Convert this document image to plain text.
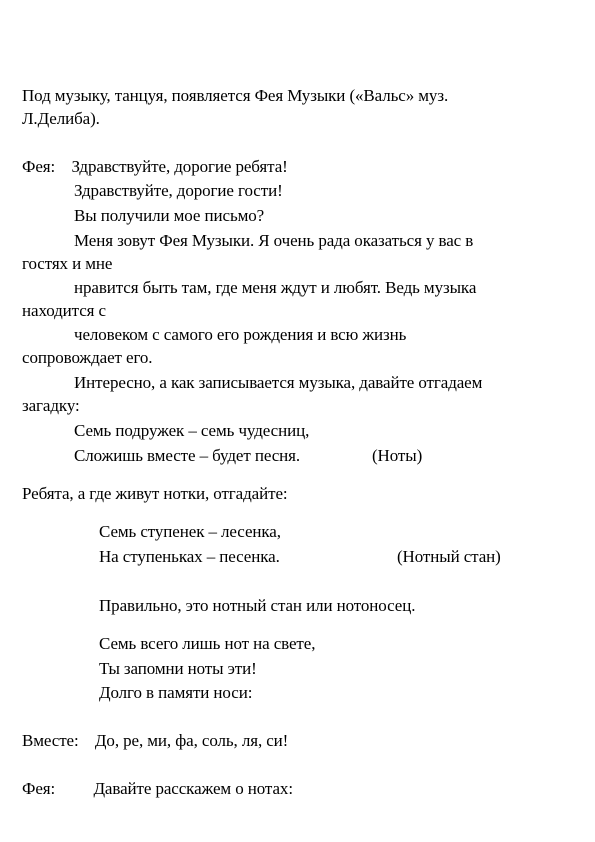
Под музыку, танцуя, появляется Фея Музыки («Вальс» муз.
Л.Делиба).
Фея: Здравствуйте, дорогие ребята!
Здравствуйте, дорогие гости!
Вы получили мое письмо?
Меня зовут Фея Музыки. Я очень рада оказаться у вас в
гостях и мне
нравится быть там, где меня ждут и любят. Ведь музыка
находится с
человеком с самого его рождения и всю жизнь
сопровождает его.
Интересно, а как записывается музыка, давайте отгадаем
загадку:
Семь подружек – семь чудесниц,
Сложишь вместе – будет песня.	(Ноты)
Ребята, а где живут нотки, отгадайте:
Семь ступенек – лесенка,
На ступеньках – песенка.	(Нотный стан)
Правильно, это нотный стан или нотоносец.
Семь всего лишь нот на свете,
Ты запомни ноты эти!
Долго в памяти носи:
Вместе: До, ре, ми, фа, соль, ля, си!
Фея: Давайте расскажем о нотах:
